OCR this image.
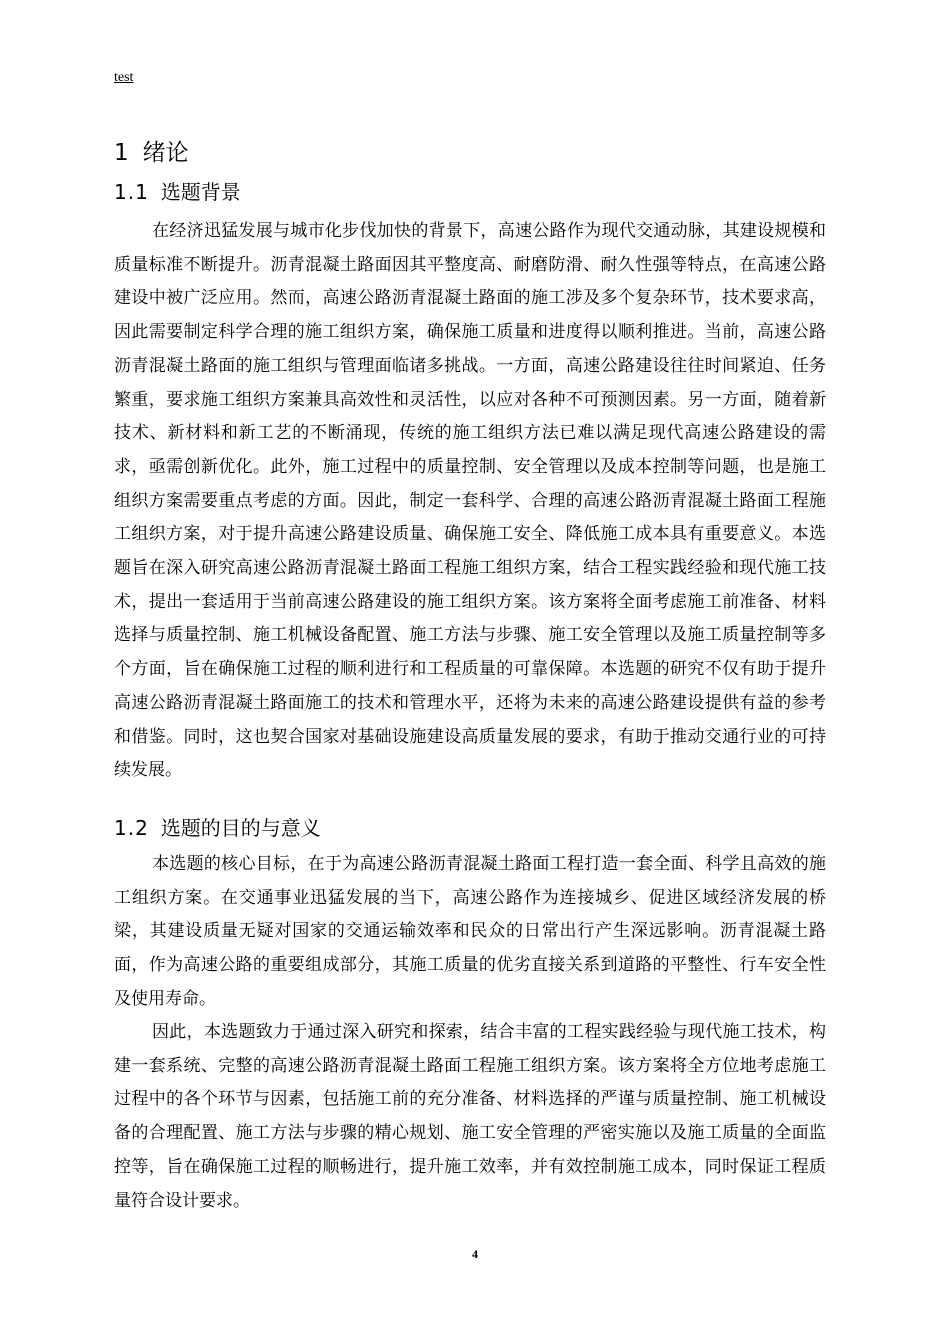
test
1 绪论
1.1 选题背景

在经济迅猛发展与城市化步伐加快的背景下，高速公路作为现代交通动脉，其建设规模和质量标准不断提升。沥青混凝土路面因其平整度高、耐磨防滑、耐久性强等特点，在高速公路建设中被广泛应用。然而，高速公路沥青混凝土路面的施工涉及多个复杂环节，技术要求高，因此需要制定科学合理的施工组织方案，确保施工质量和进度得以顺利推进。当前，高速公路沥青混凝土路面的施工组织与管理面临诸多挑战。一方面，高速公路建设往往时间紧迫、任务繁重，要求施工组织方案兼具高效性和灵活性，以应对各种不可预测因素。另一方面，随着新技术、新材料和新工艺的不断涌现，传统的施工组织方法已难以满足现代高速公路建设的需求，亟需创新优化。此外，施工过程中的质量控制、安全管理以及成本控制等问题，也是施工组织方案需要重点考虑的方面。因此，制定一套科学、合理的高速公路沥青混凝土路面工程施工组织方案，对于提升高速公路建设质量、确保施工安全、降低施工成本具有重要意义。本选题旨在深入研究高速公路沥青混凝土路面工程施工组织方案，结合工程实践经验和现代施工技术，提出一套适用于当前高速公路建设的施工组织方案。该方案将全面考虑施工前准备、材料选择与质量控制、施工机械设备配置、施工方法与步骤、施工安全管理以及施工质量控制等多个方面，旨在确保施工过程的顺利进行和工程质量的可靠保障。本选题的研究不仅有助于提升高速公路沥青混凝土路面施工的技术和管理水平，还将为未来的高速公路建设提供有益的参考和借鉴。同时，这也契合国家对基础设施建设高质量发展的要求，有助于推动交通行业的可持续发展。

1.2 选题的目的与意义

本选题的核心目标，在于为高速公路沥青混凝土路面工程打造一套全面、科学且高效的施工组织方案。在交通事业迅猛发展的当下，高速公路作为连接城乡、促进区域经济发展的桥梁，其建设质量无疑对国家的交通运输效率和民众的日常出行产生深远影响。沥青混凝土路面，作为高速公路的重要组成部分，其施工质量的优劣直接关系到道路的平整性、行车安全性及使用寿命。

因此，本选题致力于通过深入研究和探索，结合丰富的工程实践经验与现代施工技术，构建一套系统、完整的高速公路沥青混凝土路面工程施工组织方案。该方案将全方位地考虑施工过程中的各个环节与因素，包括施工前的充分准备、材料选择的严谨与质量控制、施工机械设备的合理配置、施工方法与步骤的精心规划、施工安全管理的严密实施以及施工质量的全面监控等，旨在确保施工过程的顺畅进行，提升施工效率，并有效控制施工成本，同时保证工程质量符合设计要求。

4
